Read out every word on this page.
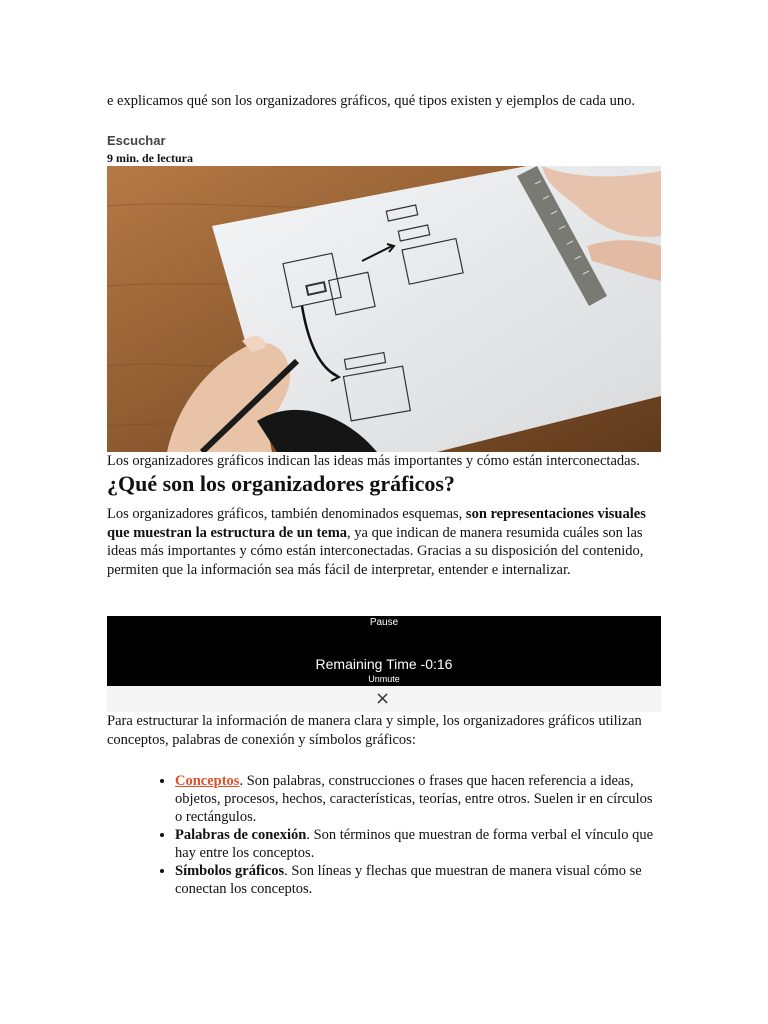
e explicamos qué son los organizadores gráficos, qué tipos existen y ejemplos de cada uno.
Escuchar
9 min. de lectura
Los organizadores gráficos indican las ideas más importantes y cómo están interconectadas.
¿Qué son los organizadores gráficos?

Los organizadores gráficos, también denominados esquemas, son representaciones visuales que muestran la estructura de un tema, ya que indican de manera resumida cuáles son las ideas más importantes y cómo están interconectadas. Gracias a su disposición del contenido, permiten que la información sea más fácil de interpretar, entender e internalizar.

Pause
Remaining Time -0:16
Unmute
×

Para estructurar la información de manera clara y simple, los organizadores gráficos utilizan conceptos, palabras de conexión y símbolos gráficos:

• Conceptos. Son palabras, construcciones o frases que hacen referencia a ideas, objetos, procesos, hechos, características, teorías, entre otros. Suelen ir en círculos o rectángulos.
• Palabras de conexión. Son términos que muestran de forma verbal el vínculo que hay entre los conceptos.
• Símbolos gráficos. Son líneas y flechas que muestran de manera visual cómo se conectan los conceptos.
